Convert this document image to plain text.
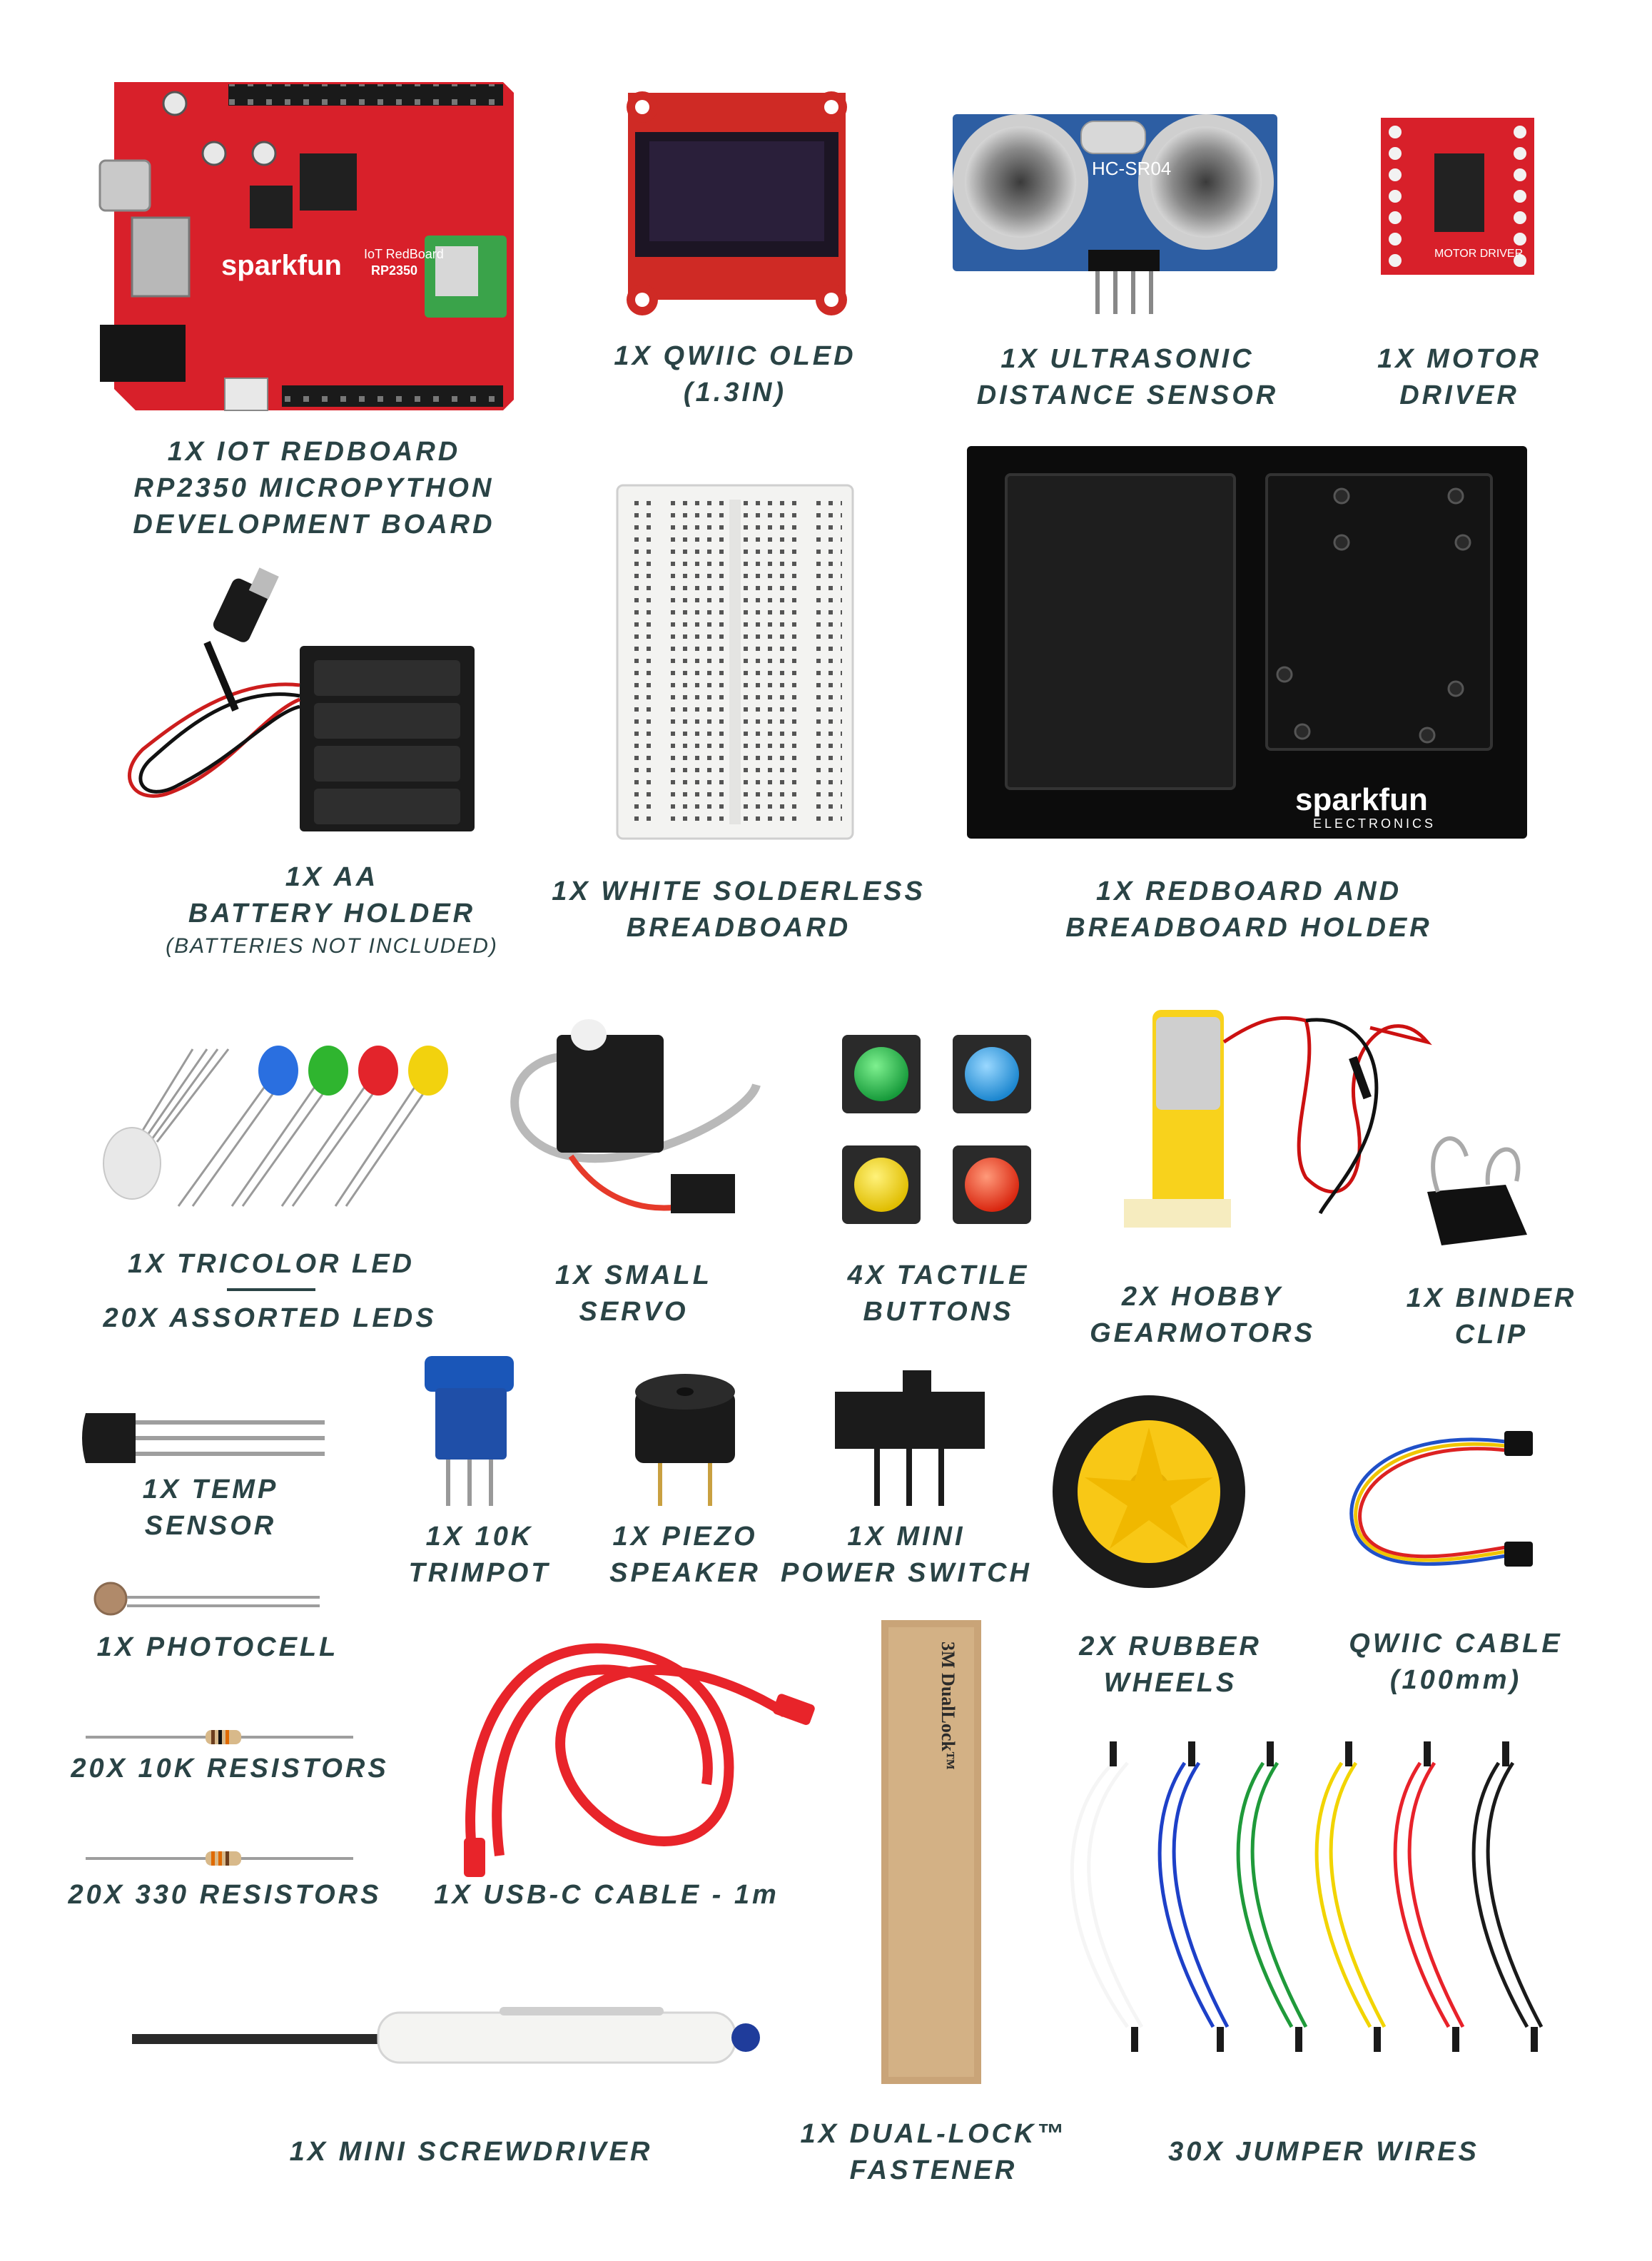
sparkfun IoT RedBoard
RP2350
HC-SR04
MOTOR DRIVER
sparkfun
ELECTRONICS
3M DualLock™
1X IOT REDBOARD
RP2350 MICROPYTHON
DEVELOPMENT BOARD
1X QWIIC OLED
(1.3IN)
1X ULTRASONIC
DISTANCE SENSOR
1X MOTOR
DRIVER
1X AA
BATTERY HOLDER
(BATTERIES NOT INCLUDED)
1X WHITE SOLDERLESS
BREADBOARD
1X REDBOARD AND
BREADBOARD HOLDER
1X TRICOLOR LED
20X ASSORTED LEDS
1X SMALL
SERVO
4X TACTILE
BUTTONS	2X HOBBY
GEARMOTORS
1X BINDER
CLIP
1X TEMP
SENSOR	1X 10K
TRIMPOT
1X PIEZO
SPEAKER
1X MINI
POWER SWITCH
2X RUBBER
WHEELS
QWIIC CABLE
(100mm)
1X PHOTOCELL
20X 10K RESISTORS
20X 330 RESISTORS 1X USB-C CABLE - 1m
1X MINI SCREWDRIVER
1X DUAL-LOCK™
FASTENER
30X JUMPER WIRES
